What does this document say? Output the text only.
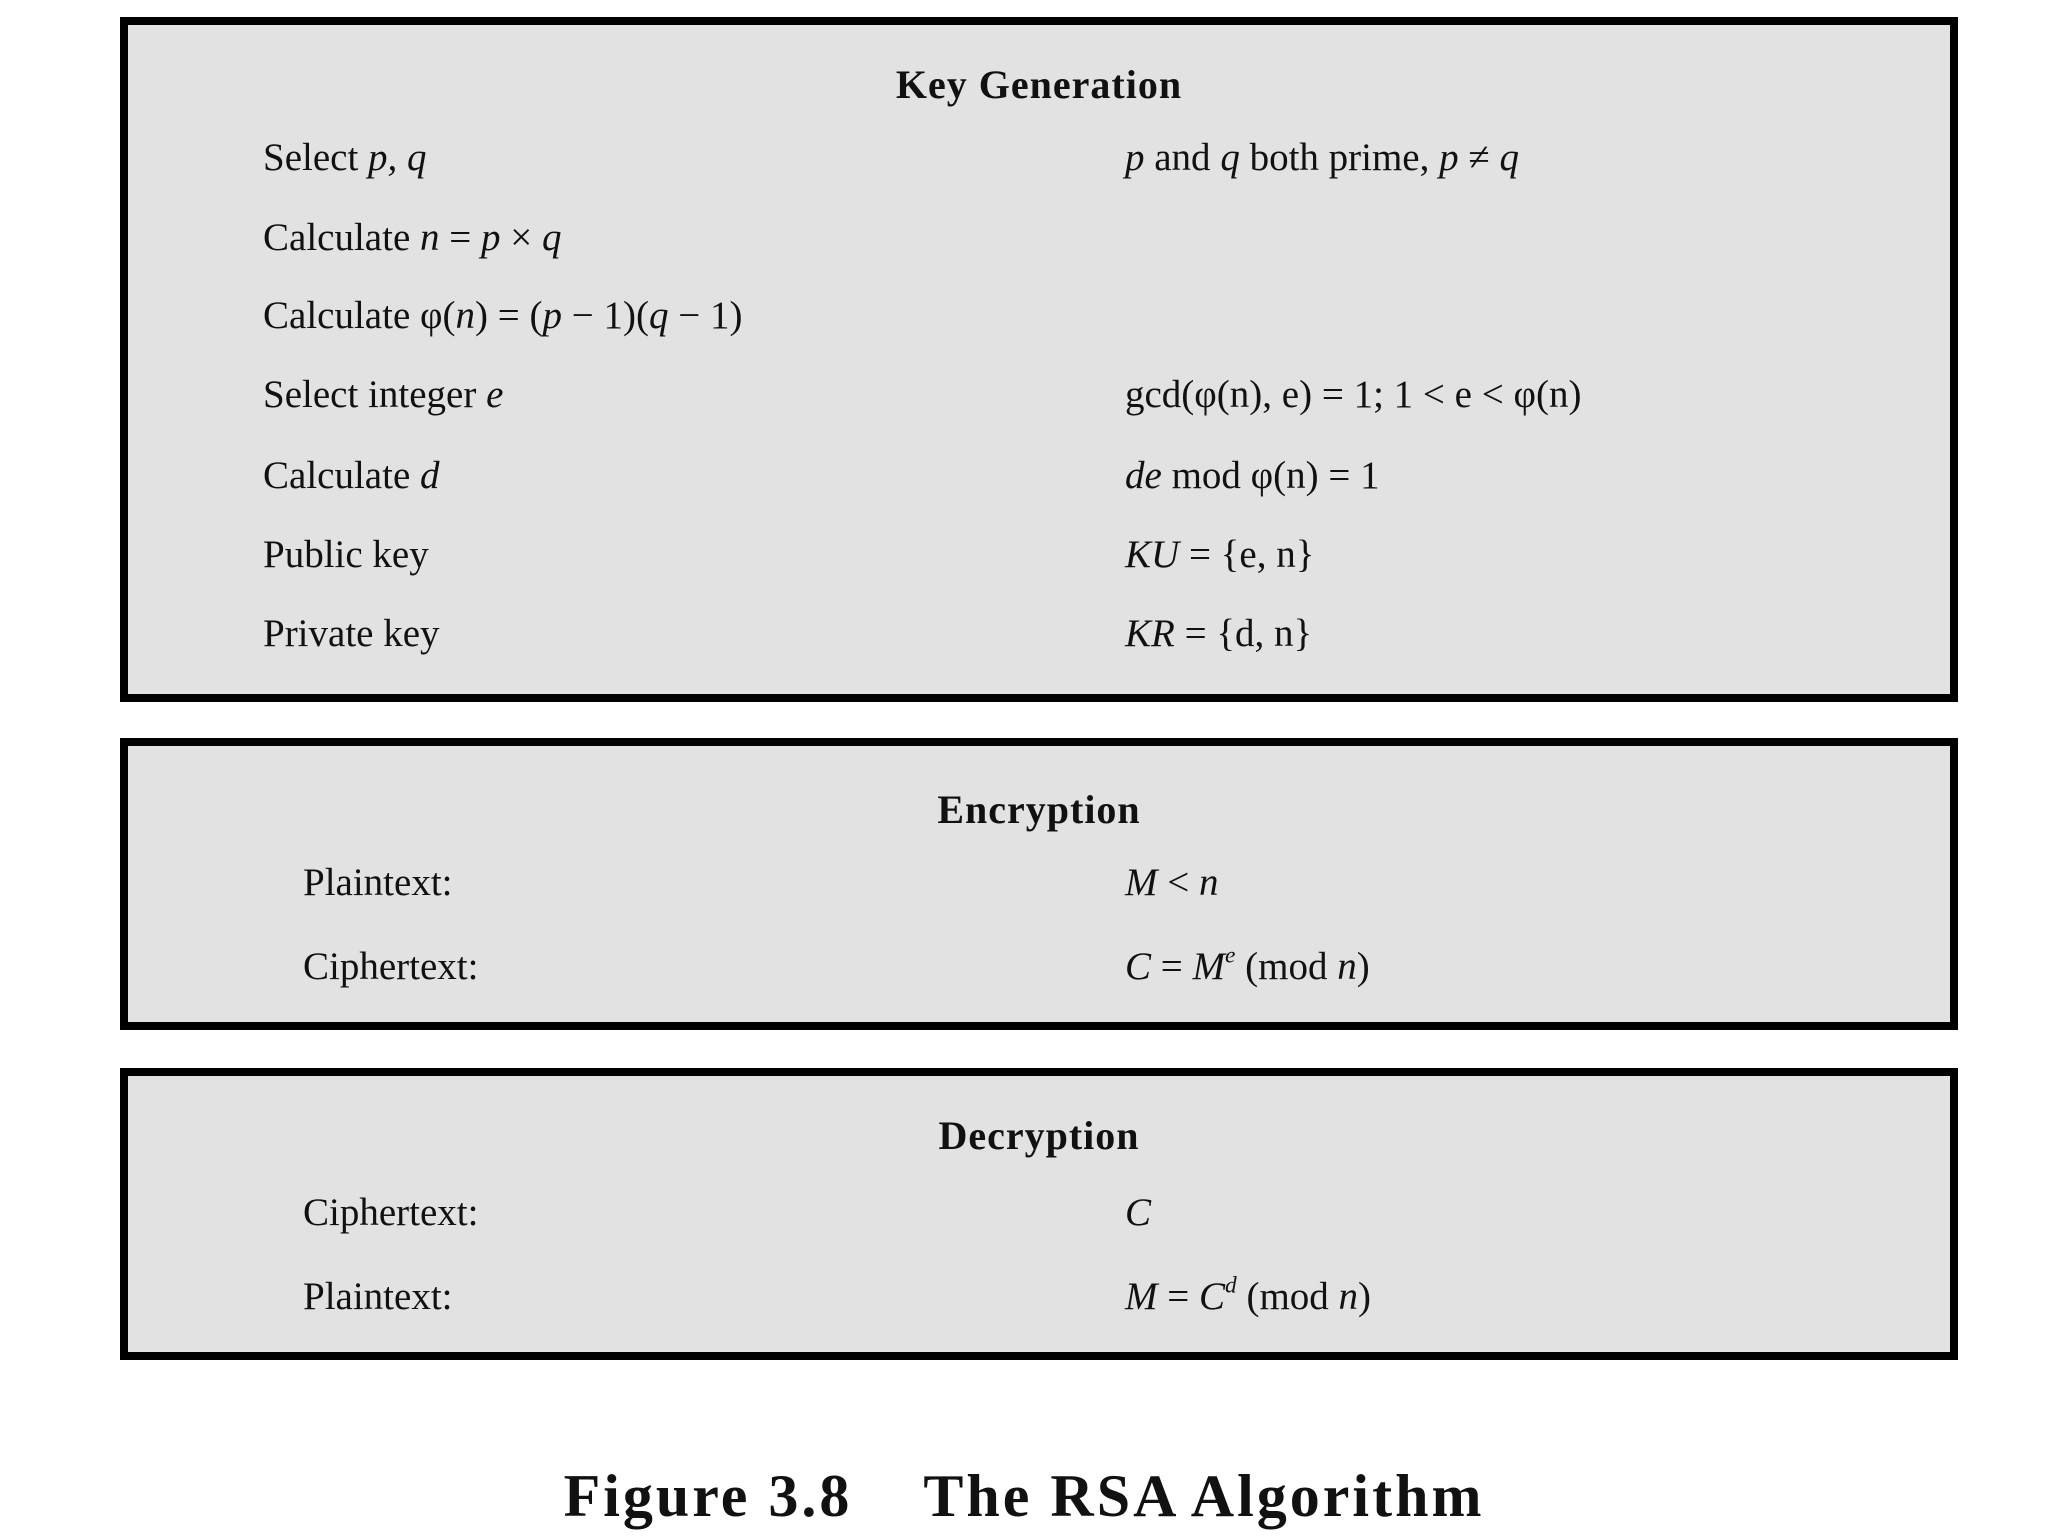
Key Generation
Select p, q	p and q both prime, p ≠ q
Calculate n = p × q
Calculate φ(n) = (p − 1)(q − 1)
Select integer e	gcd(φ(n), e) = 1; 1 < e < φ(n)
Calculate d	de mod φ(n) = 1
Public key	KU = {e, n}
Private key	KR = {d, n}
Encryption
Plaintext:	M < n
Ciphertext:	$C = M^e$ (mod n)
Decryption
Ciphertext:	C
Plaintext:	$M = C^d$ (mod n)
Figure 3.8 The RSA Algorithm
